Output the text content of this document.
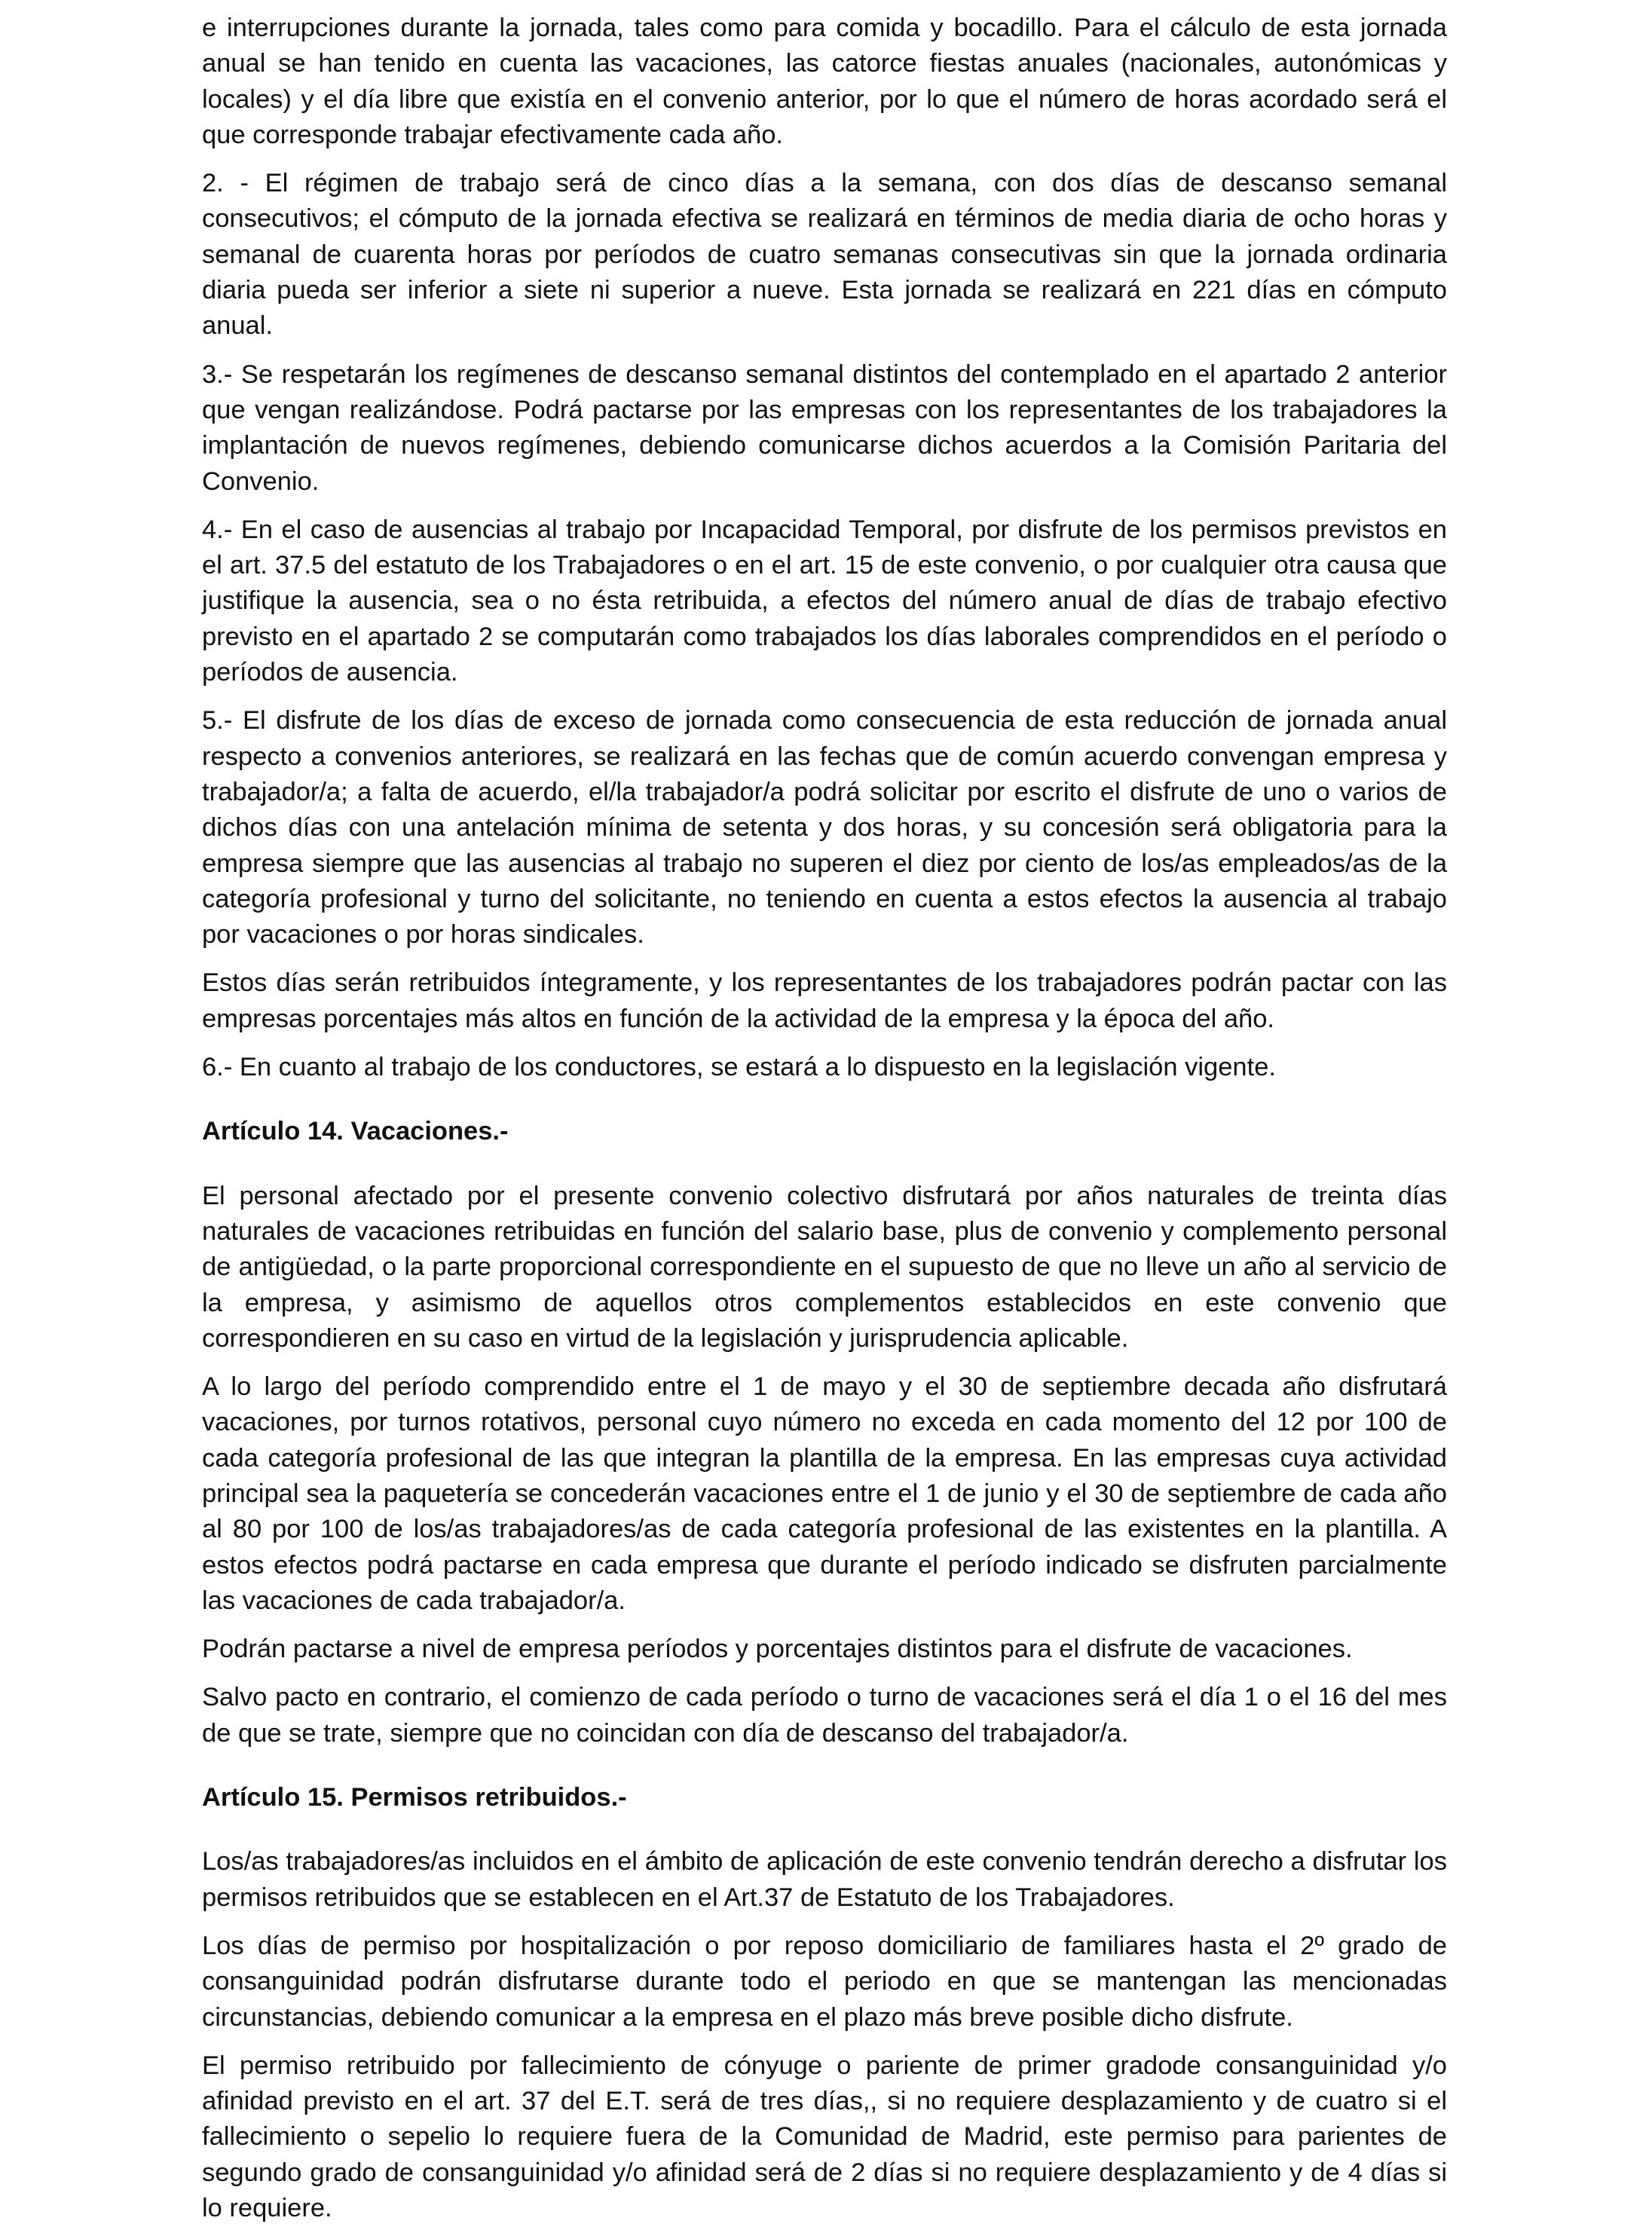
e interrupciones durante la jornada, tales como para comida y bocadillo. Para el cálculo de esta jornada anual se han tenido en cuenta las vacaciones, las catorce fiestas anuales (nacionales, autonómicas y locales) y el día libre que existía en el convenio anterior, por lo que el número de horas acordado será el que corresponde trabajar efectivamente cada año.

2. - El régimen de trabajo será de cinco días a la semana, con dos días de descanso semanal consecutivos; el cómputo de la jornada efectiva se realizará en términos de media diaria de ocho horas y semanal de cuarenta horas por períodos de cuatro semanas consecutivas sin que la jornada ordinaria diaria pueda ser inferior a siete ni superior a nueve. Esta jornada se realizará en 221 días en cómputo anual.

3.- Se respetarán los regímenes de descanso semanal distintos del contemplado en el apartado 2 anterior que vengan realizándose. Podrá pactarse por las empresas con los representantes de los trabajadores la implantación de nuevos regímenes, debiendo comunicarse dichos acuerdos a la Comisión Paritaria del Convenio.

4.- En el caso de ausencias al trabajo por Incapacidad Temporal, por disfrute de los permisos previstos en el art. 37.5 del estatuto de los Trabajadores o en el art. 15 de este convenio, o por cualquier otra causa que justifique la ausencia, sea o no ésta retribuida, a efectos del número anual de días de trabajo efectivo previsto en el apartado 2 se computarán como trabajados los días laborales comprendidos en el período o períodos de ausencia.

5.- El disfrute de los días de exceso de jornada como consecuencia de esta reducción de jornada anual respecto a convenios anteriores, se realizará en las fechas que de común acuerdo convengan empresa y trabajador/a; a falta de acuerdo, el/la trabajador/a podrá solicitar por escrito el disfrute de uno o varios de dichos días con una antelación mínima de setenta y dos horas, y su concesión será obligatoria para la empresa siempre que las ausencias al trabajo no superen el diez por ciento de los/as empleados/as de la categoría profesional y turno del solicitante, no teniendo en cuenta a estos efectos la ausencia al trabajo por vacaciones o por horas sindicales.

Estos días serán retribuidos íntegramente, y los representantes de los trabajadores podrán pactar con las empresas porcentajes más altos en función de la actividad de la empresa y la época del año.

6.- En cuanto al trabajo de los conductores, se estará a lo dispuesto en la legislación vigente.

Artículo 14. Vacaciones.-

El personal afectado por el presente convenio colectivo disfrutará por años naturales de treinta días naturales de vacaciones retribuidas en función del salario base, plus de convenio y complemento personal de antigüedad, o la parte proporcional correspondiente en el supuesto de que no lleve un año al servicio de la empresa, y asimismo de aquellos otros complementos establecidos en este convenio que correspondieren en su caso en virtud de la legislación y jurisprudencia aplicable.

A lo largo del período comprendido entre el 1 de mayo y el 30 de septiembre decada año disfrutará vacaciones, por turnos rotativos, personal cuyo número no exceda en cada momento del 12 por 100 de cada categoría profesional de las que integran la plantilla de la empresa. En las empresas cuya actividad principal sea la paquetería se concederán vacaciones entre el 1 de junio y el 30 de septiembre de cada año al 80 por 100 de los/as trabajadores/as de cada categoría profesional de las existentes en la plantilla. A estos efectos podrá pactarse en cada empresa que durante el período indicado se disfruten parcialmente las vacaciones de cada trabajador/a.

Podrán pactarse a nivel de empresa períodos y porcentajes distintos para el disfrute de vacaciones.

Salvo pacto en contrario, el comienzo de cada período o turno de vacaciones será el día 1 o el 16 del mes de que se trate, siempre que no coincidan con día de descanso del trabajador/a.

Artículo 15. Permisos retribuidos.-

Los/as trabajadores/as incluidos en el ámbito de aplicación de este convenio tendrán derecho a disfrutar los permisos retribuidos que se establecen en el Art.37 de Estatuto de los Trabajadores.

Los días de permiso por hospitalización o por reposo domiciliario de familiares hasta el 2º grado de consanguinidad podrán disfrutarse durante todo el periodo en que se mantengan las mencionadas circunstancias, debiendo comunicar a la empresa en el plazo más breve posible dicho disfrute.

El permiso retribuido por fallecimiento de cónyuge o pariente de primer gradode consanguinidad y/o afinidad previsto en el art. 37 del E.T. será de tres días,, si no requiere desplazamiento y de cuatro si el fallecimiento o sepelio lo requiere fuera de la Comunidad de Madrid, este permiso para parientes de segundo grado de consanguinidad y/o afinidad será de 2 días si no requiere desplazamiento y de 4 días si lo requiere.
